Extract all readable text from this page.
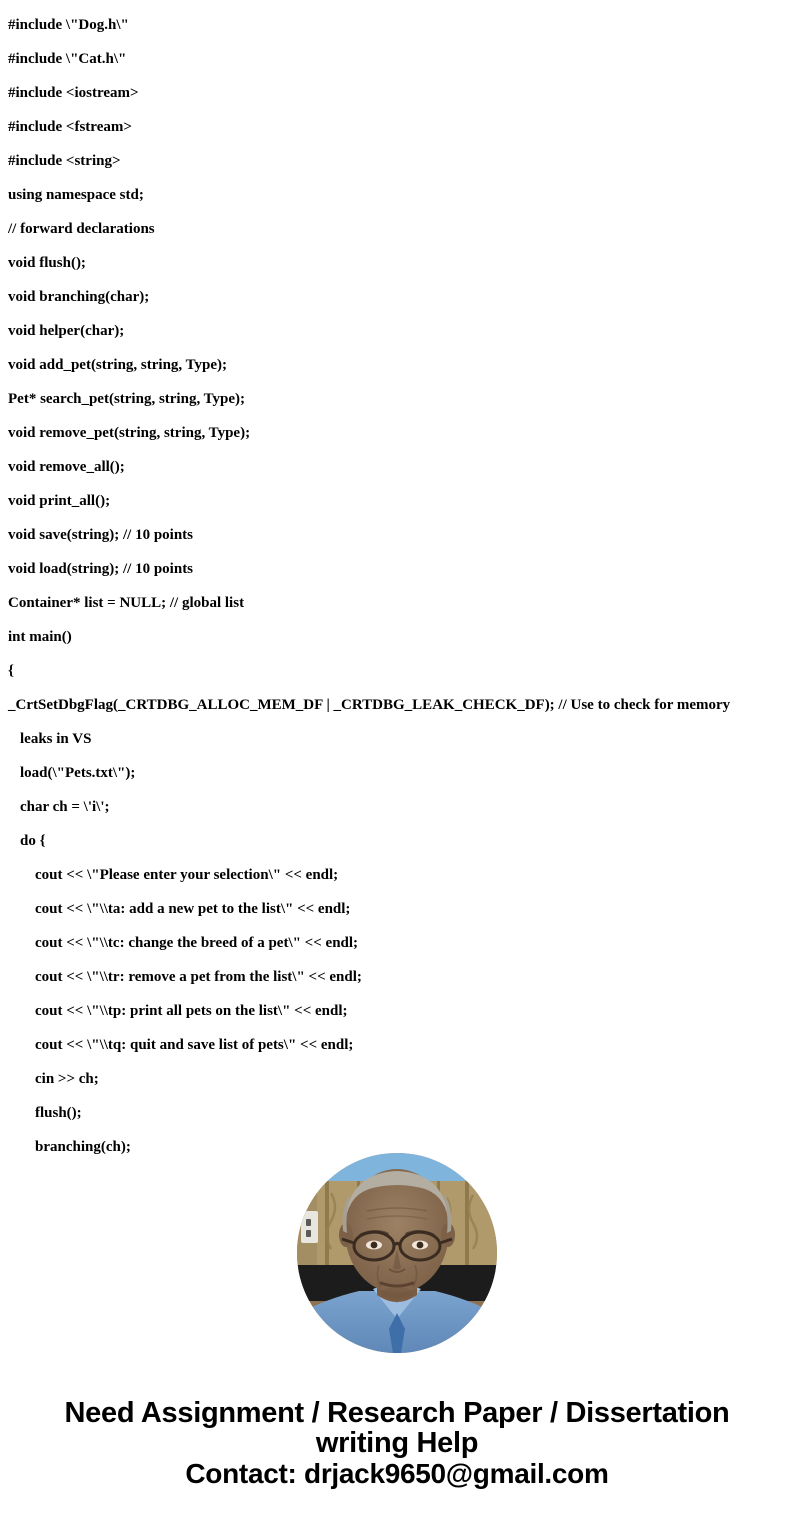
#include \"Dog.h\"
#include \"Cat.h\"
#include <iostream>
#include <fstream>
#include <string>
using namespace std;
// forward declarations
void flush();
void branching(char);
void helper(char);
void add_pet(string, string, Type);
Pet* search_pet(string, string, Type);
void remove_pet(string, string, Type);
void remove_all();
void print_all();
void save(string); // 10 points
void load(string); // 10 points
Container* list = NULL; // global list
int main()
{
_CrtSetDbgFlag(_CRTDBG_ALLOC_MEM_DF | _CRTDBG_LEAK_CHECK_DF); // Use to check for memory leaks in VS
load(\"Pets.txt\");
char ch = \'i\';
do {
cout << \"Please enter your selection\" << endl;
cout << \"\\ta: add a new pet to the list\" << endl;
cout << \"\\tc: change the breed of a pet\" << endl;
cout << \"\\tr: remove a pet from the list\" << endl;
cout << \"\\tp: print all pets on the list\" << endl;
cout << \"\\tq: quit and save list of pets\" << endl;
cin >> ch;
flush();
branching(ch);
Need Assignment / Research Paper / Dissertation
writing Help
Contact: drjack9650@gmail.com
